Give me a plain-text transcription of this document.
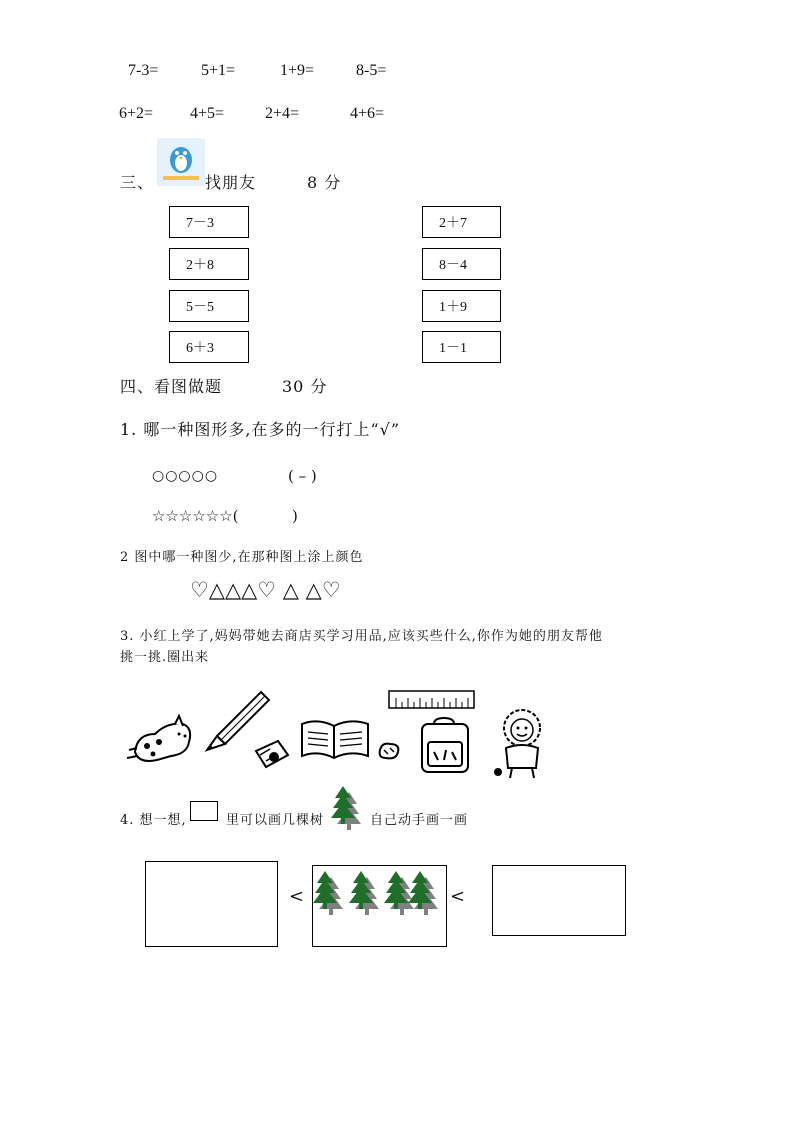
7-3=	5+1=	1+9=	8-5=
6+2= 4+5=	2+4=	4+6=
三、	找朋友	8 分
7－3
2＋8
5－5
6＋3
2＋7
8－4
1＋9
1－1
四、看图做题	30 分
1. 哪一种图形多,在多的一行打上“√”
○○○○○	( – )
☆☆☆☆☆☆(	)
2 图中哪一种图少,在那种图上涂上颜色
♡△△△♡ △ △♡
3. 小红上学了,妈妈带她去商店买学习用品,应该买些什么,你作为她的朋友帮他
挑一挑.圈出来
4. 想一想,	里可以画几棵树	自己动手画一画
<	<
